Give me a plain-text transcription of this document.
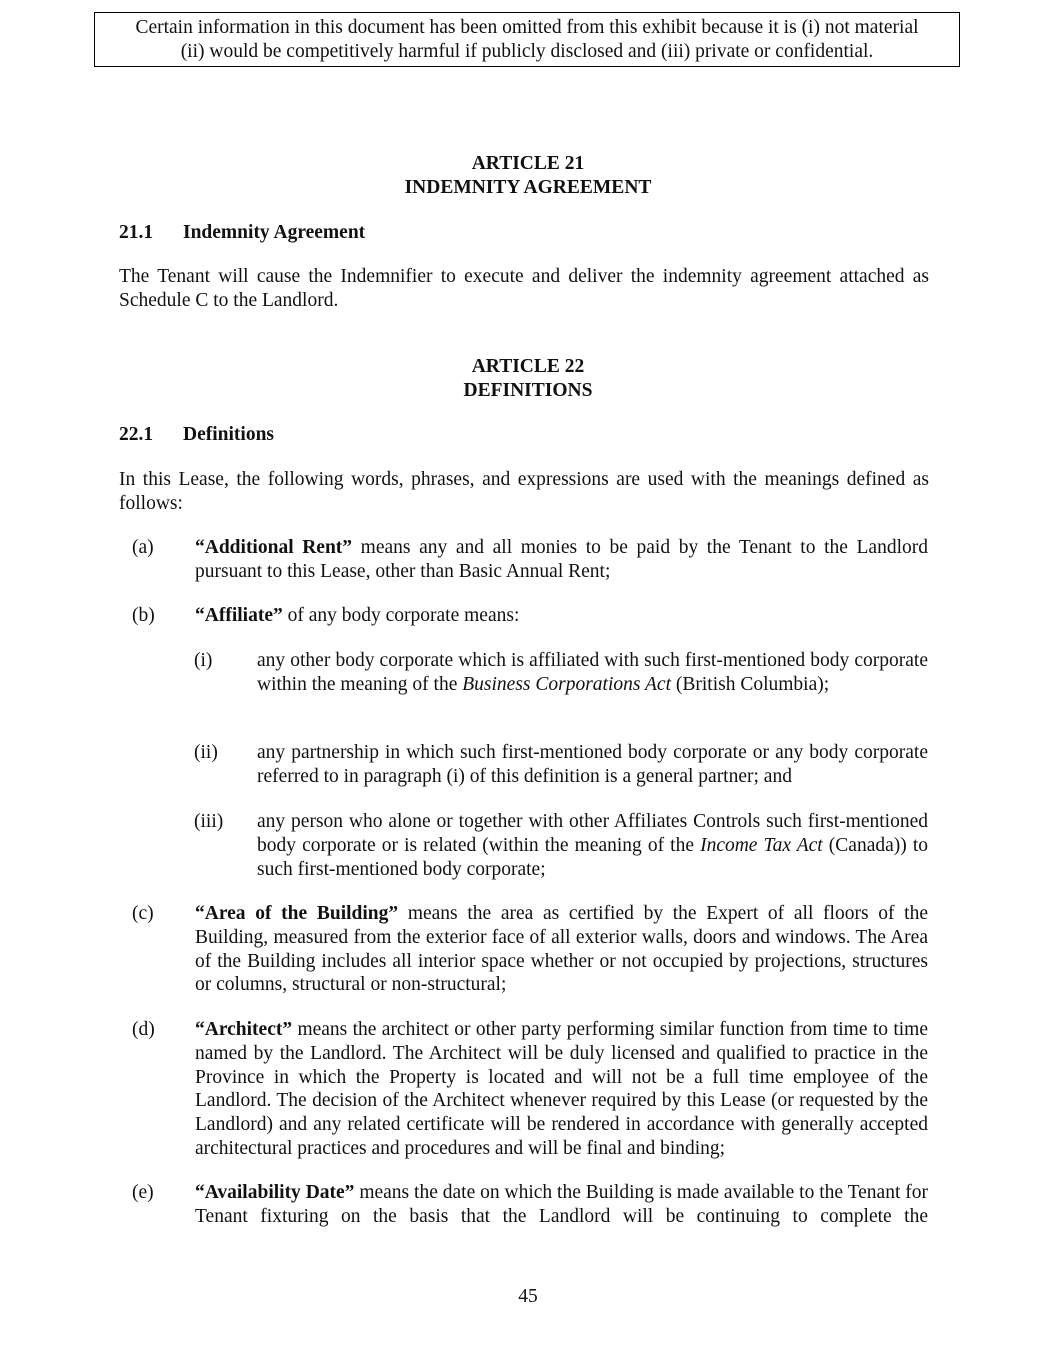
Certain information in this document has been omitted from this exhibit because it is (i) not material
(ii) would be competitively harmful if publicly disclosed and (iii) private or confidential.
ARTICLE 21
INDEMNITY AGREEMENT
21.1 Indemnity Agreement
The Tenant will cause the Indemnifier to execute and deliver the indemnity agreement attached as Schedule C to the Landlord.
ARTICLE 22
DEFINITIONS
22.1 Definitions
In this Lease, the following words, phrases, and expressions are used with the meanings defined as follows:
(a) “Additional Rent” means any and all monies to be paid by the Tenant to the Landlord pursuant to this Lease, other than Basic Annual Rent;
(b) “Affiliate” of any body corporate means:
(i) any other body corporate which is affiliated with such first-mentioned body corporate within the meaning of the Business Corporations Act (British Columbia);
(ii) any partnership in which such first-mentioned body corporate or any body corporate referred to in paragraph (i) of this definition is a general partner; and
(iii) any person who alone or together with other Affiliates Controls such first-mentioned body corporate or is related (within the meaning of the Income Tax Act (Canada)) to such first-mentioned body corporate;
(c) “Area of the Building” means the area as certified by the Expert of all floors of the Building, measured from the exterior face of all exterior walls, doors and windows. The Area of the Building includes all interior space whether or not occupied by projections, structures or columns, structural or non-structural;
(d) “Architect” means the architect or other party performing similar function from time to time named by the Landlord. The Architect will be duly licensed and qualified to practice in the Province in which the Property is located and will not be a full time employee of the Landlord. The decision of the Architect whenever required by this Lease (or requested by the Landlord) and any related certificate will be rendered in accordance with generally accepted architectural practices and procedures and will be final and binding;
(e) “Availability Date” means the date on which the Building is made available to the Tenant for Tenant fixturing on the basis that the Landlord will be continuing to complete the
45
